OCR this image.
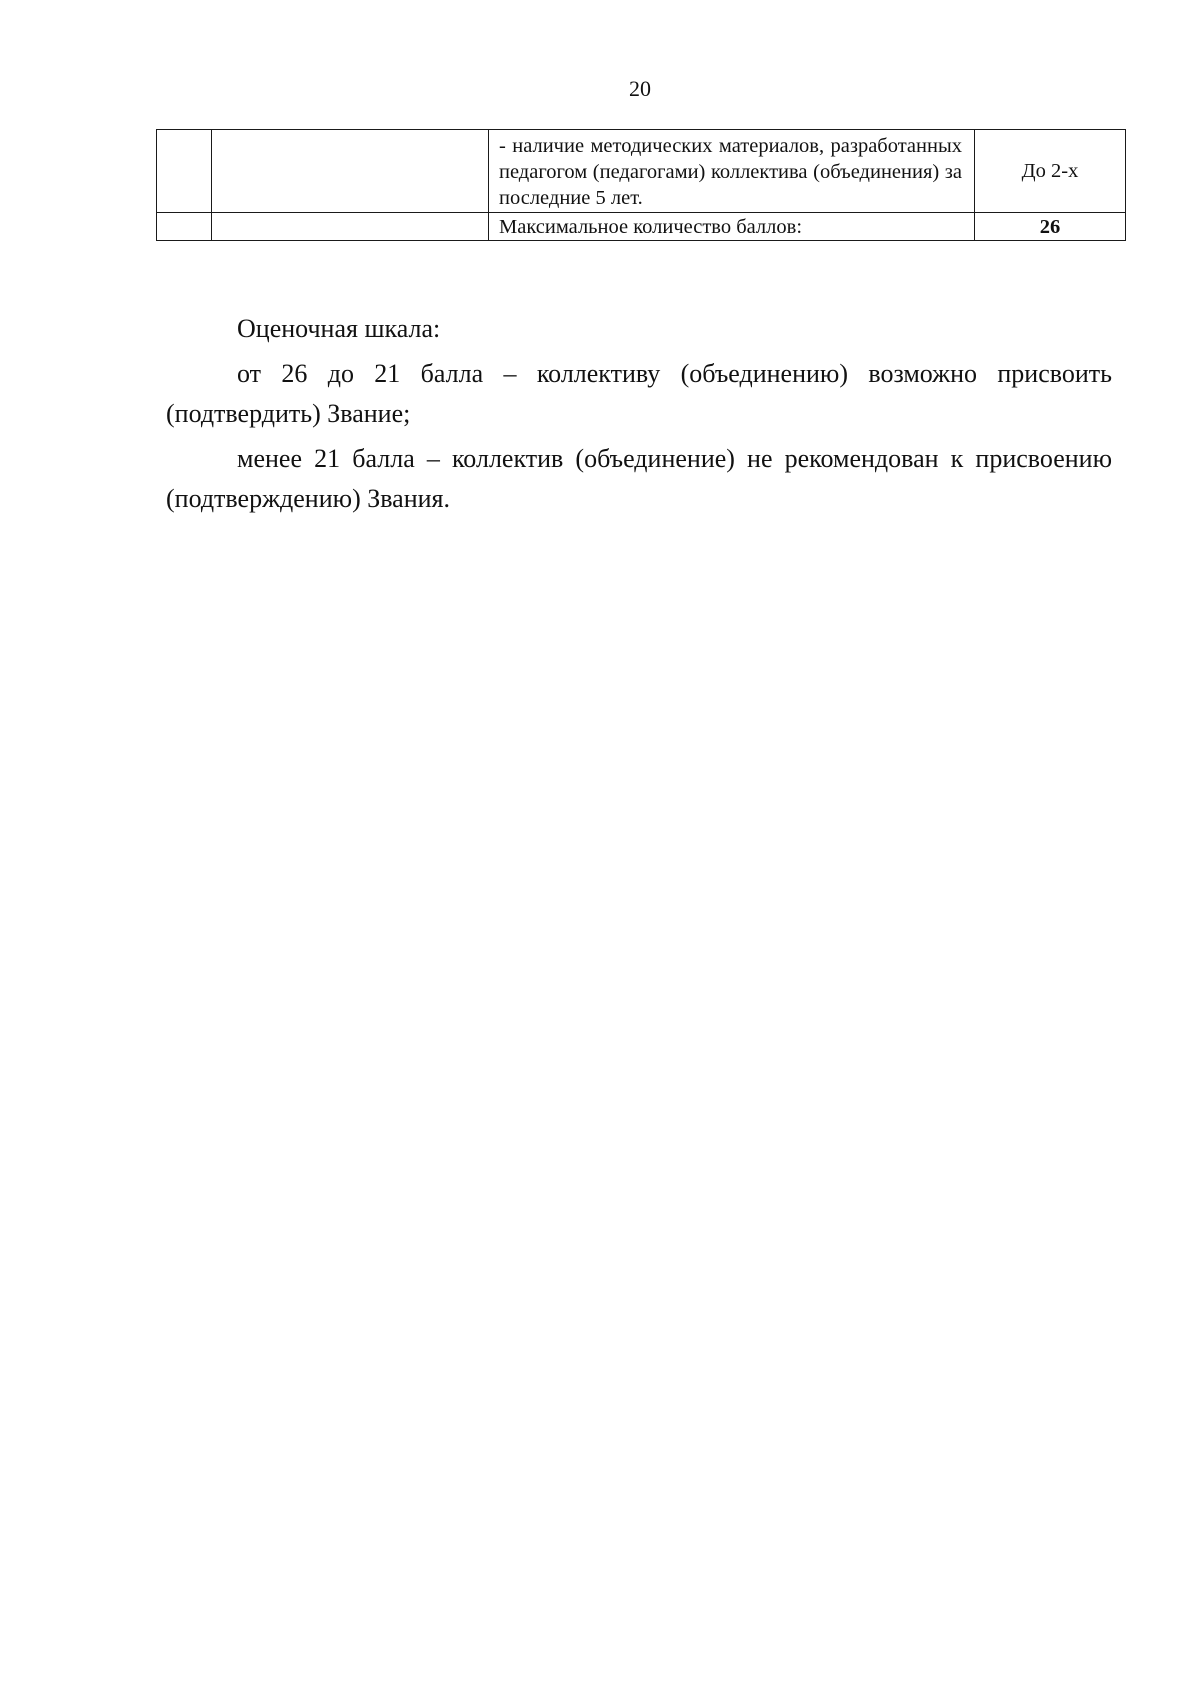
20

		- наличие методических материалов, разработанных педагогом (педагогами) коллектива (объединения) за последние 5 лет.	До 2-х

		Максимальное количество баллов:	26

Оценочная шкала:

от 26 до 21 балла – коллективу (объединению) возможно присвоить (подтвердить) Звание;

менее 21 балла – коллектив (объединение) не рекомендован к присвоению (подтверждению) Звания.
